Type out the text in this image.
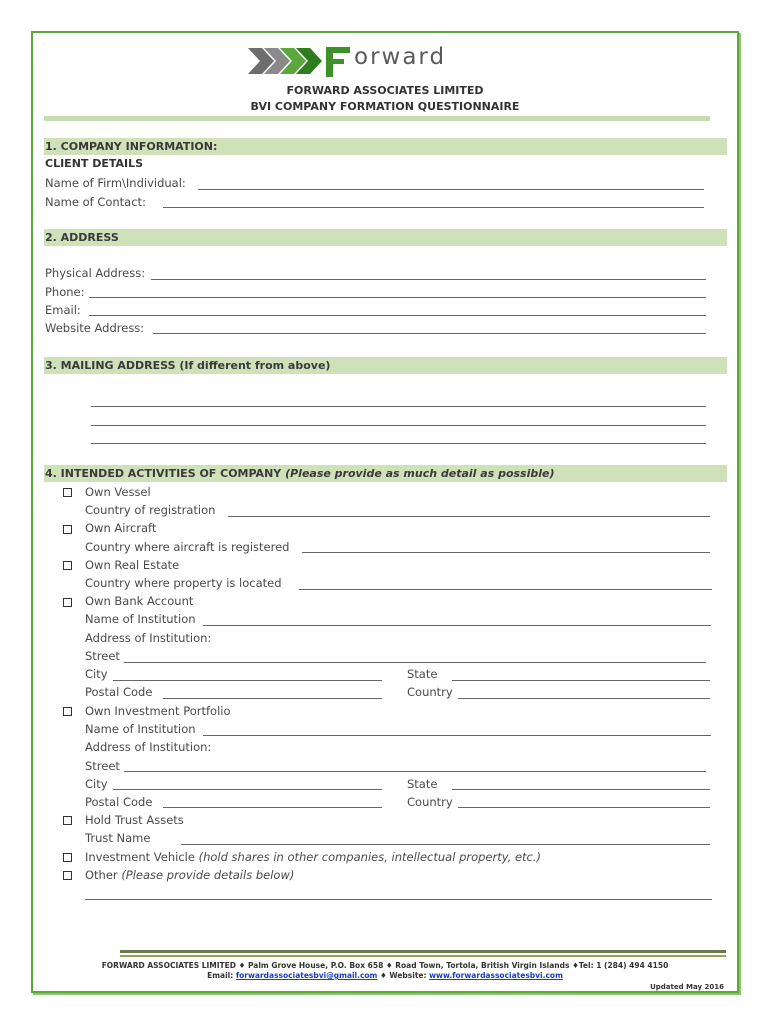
orward
FORWARD ASSOCIATES LIMITED
BVI COMPANY FORMATION QUESTIONNAIRE
1. COMPANY INFORMATION:
CLIENT DETAILS
Name of Firm\Individual:
Name of Contact:
2. ADDRESS
Physical Address:
Phone:
Email:
Website Address:
3. MAILING ADDRESS (If different from above)
4. INTENDED ACTIVITIES OF COMPANY (Please provide as much detail as possible)
Own Vessel
Country of registration
Own Aircraft
Country where aircraft is registered
Own Real Estate
Country where property is located
Own Bank Account
Name of Institution
Address of Institution:
Street
City	State
Postal Code	Country
Own Investment Portfolio
Name of Institution
Address of Institution:
Street
City	State
Postal Code	Country
Hold Trust Assets
Trust Name
Investment Vehicle (hold shares in other companies, intellectual property, etc.)
Other (Please provide details below)
FORWARD ASSOCIATES LIMITED ♦ Palm Grove House, P.O. Box 658 ♦ Road Town, Tortola, British Virgin Islands ♦Tel: 1 (284) 494 4150
Email: forwardassociatesbvi@gmail.com ♦ Website: www.forwardassociatesbvi.com
Updated May 2016
